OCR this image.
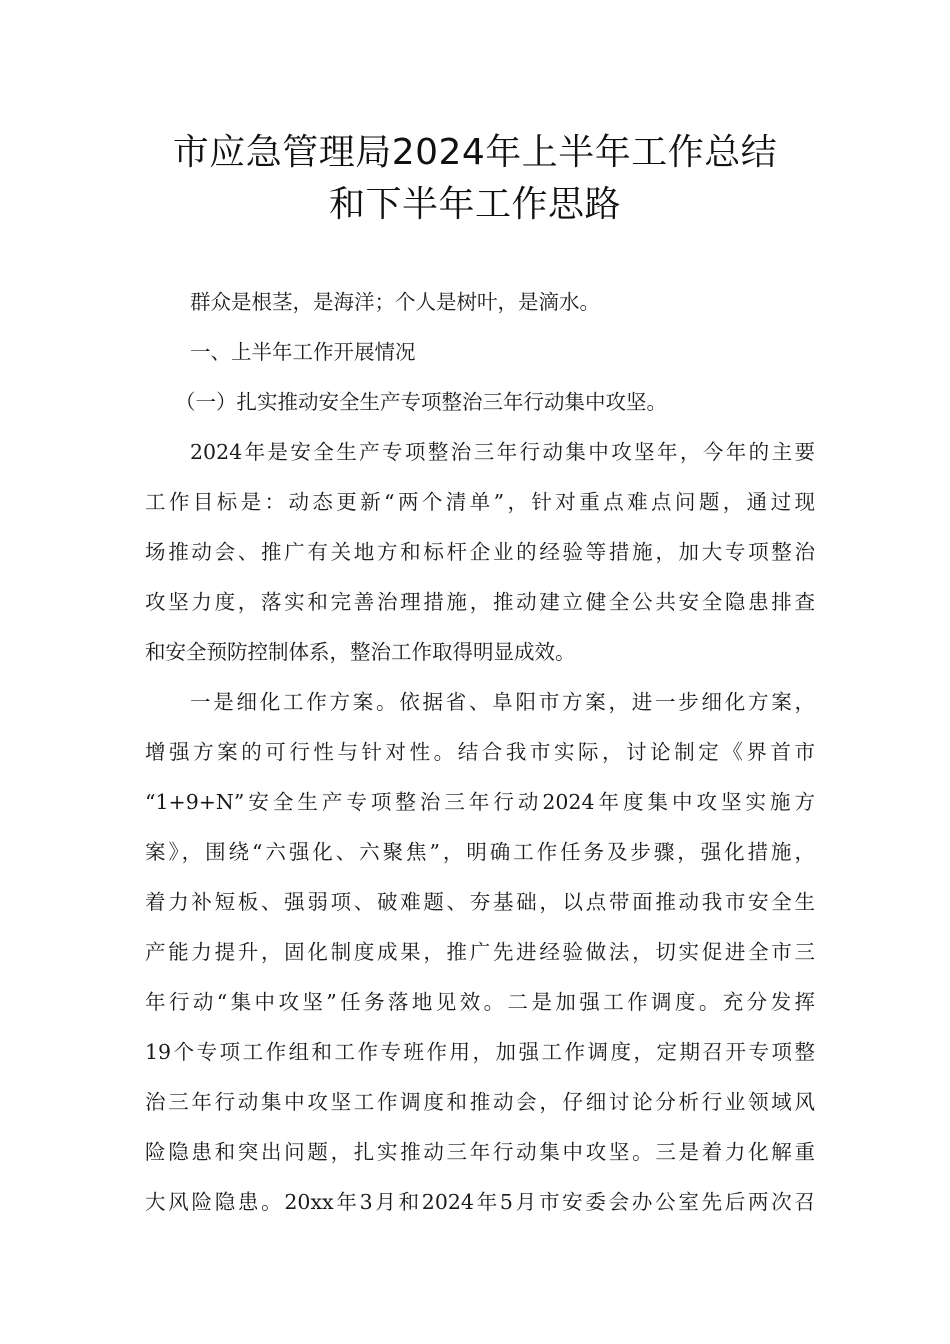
市应急管理局2024年上半年工作总结
和下半年工作思路
群众是根茎，是海洋；个人是树叶，是滴水。
一、上半年工作开展情况
（一）扎实推动安全生产专项整治三年行动集中攻坚。
2024年是安全生产专项整治三年行动集中攻坚年，今年的主要
工作目标是：动态更新“两个清单”，针对重点难点问题，通过现
场推动会、推广有关地方和标杆企业的经验等措施，加大专项整治
攻坚力度，落实和完善治理措施，推动建立健全公共安全隐患排查
和安全预防控制体系，整治工作取得明显成效。
一是细化工作方案。依据省、阜阳市方案，进一步细化方案，
增强方案的可行性与针对性。结合我市实际，讨论制定《界首市
“1+9+N”安全生产专项整治三年行动2024年度集中攻坚实施方
案》，围绕“六强化、六聚焦”，明确工作任务及步骤，强化措施，
着力补短板、强弱项、破难题、夯基础，以点带面推动我市安全生
产能力提升，固化制度成果，推广先进经验做法，切实促进全市三
年行动“集中攻坚”任务落地见效。二是加强工作调度。充分发挥
19个专项工作组和工作专班作用，加强工作调度，定期召开专项整
治三年行动集中攻坚工作调度和推动会，仔细讨论分析行业领域风
险隐患和突出问题，扎实推动三年行动集中攻坚。三是着力化解重
大风险隐患。20xx年3月和2024年5月市安委会办公室先后两次召
